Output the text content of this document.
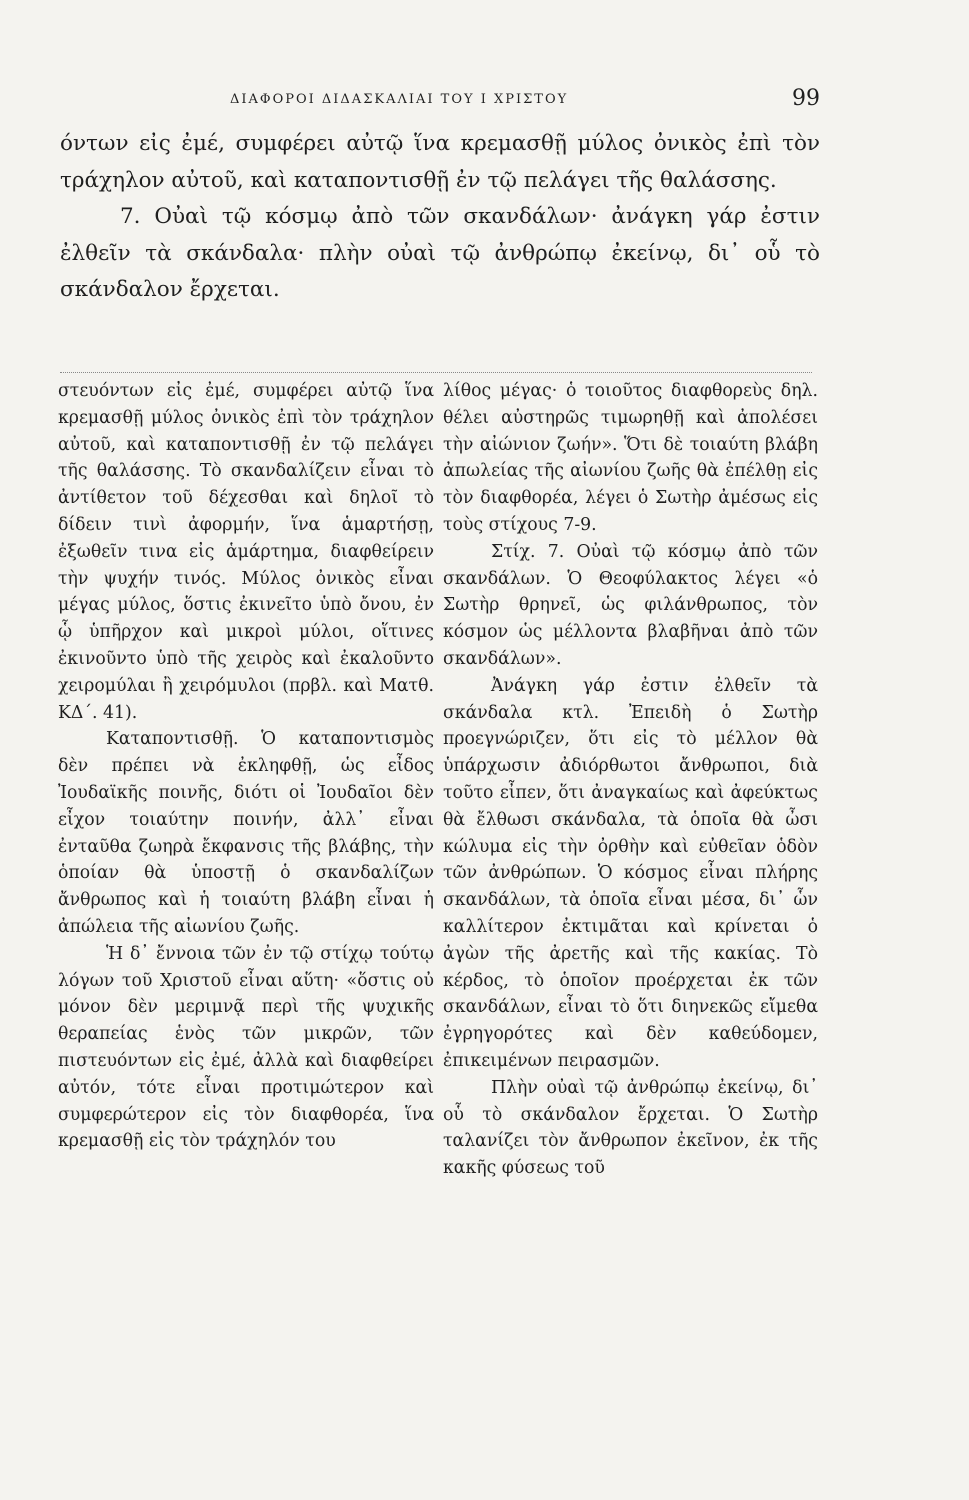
ΔΙΑΦΟΡΟΙ ΔΙΔΑΣΚΑΛΙΑΙ ΤΟΥ Ι ΧΡΙΣΤΟΥ	99

όντων εἰς ἐμέ, συμφέρει αὐτῷ ἵνα κρεμασθῇ μύλος ὀνικὸς ἐπὶ τὸν τράχηλον αὐτοῦ, καὶ καταποντισθῇ ἐν τῷ πελάγει τῆς θαλάσσης.

7. Οὐαὶ τῷ κόσμῳ ἀπὸ τῶν σκανδάλων· ἀνάγκη γάρ ἐστιν ἐλθεῖν τὰ σκάνδαλα· πλὴν οὐαὶ τῷ ἀνθρώπῳ ἐκείνῳ, δι᾽ οὗ τὸ σκάνδαλον ἔρχεται.

στευόντων εἰς ἐμέ, συμφέρει αὐτῷ ἵνα κρεμασθῇ μύλος ὀνικὸς ἐπὶ τὸν τράχηλον αὐτοῦ, καὶ καταποντισθῇ ἐν τῷ πελάγει τῆς θαλάσσης. Τὸ σκανδαλίζειν εἶναι τὸ ἀντίθετον τοῦ δέχεσθαι καὶ δηλοῖ τὸ δίδειν τινὶ ἀφορμήν, ἵνα ἁμαρτήσῃ, ἐξωθεῖν τινα εἰς ἁμάρτημα, διαφθείρειν τὴν ψυχήν τινός. Μύλος ὀνικὸς εἶναι μέγας μύλος, ὅστις ἐκινεῖτο ὑπὸ ὄνου, ἐν ᾧ ὑπῆρχον καὶ μικροὶ μύλοι, οἵτινες ἐκινοῦντο ὑπὸ τῆς χειρὸς καὶ ἐκαλοῦντο χειρομύλαι ἢ χειρόμυλοι (πρβλ. καὶ Ματθ. ΚΔ΄. 41).

Καταποντισθῇ. Ὁ καταποντισμὸς δὲν πρέπει νὰ ἐκληφθῇ, ὡς εἶδος Ἰουδαϊκῆς ποινῆς, διότι οἱ Ἰουδαῖοι δὲν εἶχον τοιαύτην ποινήν, ἀλλ᾽ εἶναι ἐνταῦθα ζωηρὰ ἔκφανσις τῆς βλάβης, τὴν ὁποίαν θὰ ὑποστῇ ὁ σκανδαλίζων ἄνθρωπος καὶ ἡ τοιαύτη βλάβη εἶναι ἡ ἀπώλεια τῆς αἰωνίου ζωῆς.

Ἡ δ᾽ ἔννοια τῶν ἐν τῷ στίχῳ τούτῳ λόγων τοῦ Χριστοῦ εἶναι αὕτη· «ὅστις οὐ μόνον δὲν μεριμνᾷ περὶ τῆς ψυχικῆς θεραπείας ἑνὸς τῶν μικρῶν, τῶν πιστευόντων εἰς ἐμέ, ἀλλὰ καὶ διαφθείρει αὐτόν, τότε εἶναι προτιμώτερον καὶ συμφερώτερον εἰς τὸν διαφθορέα, ἵνα κρεμασθῇ εἰς τὸν τράχηλόν του

λίθος μέγας· ὁ τοιοῦτος διαφθορεὺς δηλ. θέλει αὐστηρῶς τιμωρηθῇ καὶ ἀπολέσει τὴν αἰώνιον ζωήν». Ὅτι δὲ τοιαύτη βλάβη ἀπωλείας τῆς αἰωνίου ζωῆς θὰ ἐπέλθῃ εἰς τὸν διαφθορέα, λέγει ὁ Σωτὴρ ἀμέσως εἰς τοὺς στίχους 7-9.

Στίχ. 7. Οὐαὶ τῷ κόσμῳ ἀπὸ τῶν σκανδάλων. Ὁ Θεοφύλακτος λέγει «ὁ Σωτὴρ θρηνεῖ, ὡς φιλάνθρωπος, τὸν κόσμον ὡς μέλλοντα βλαβῆναι ἀπὸ τῶν σκανδάλων».

Ἀνάγκη γάρ ἐστιν ἐλθεῖν τὰ σκάνδαλα κτλ. Ἐπειδὴ ὁ Σωτὴρ προεγνώριζεν, ὅτι εἰς τὸ μέλλον θὰ ὑπάρχωσιν ἀδιόρθωτοι ἄνθρωποι, διὰ τοῦτο εἶπεν, ὅτι ἀναγκαίως καὶ ἀφεύκτως θὰ ἔλθωσι σκάνδαλα, τὰ ὁποῖα θὰ ὦσι κώλυμα εἰς τὴν ὀρθὴν καὶ εὐθεῖαν ὁδὸν τῶν ἀνθρώπων. Ὁ κόσμος εἶναι πλήρης σκανδάλων, τὰ ὁποῖα εἶναι μέσα, δι᾽ ὧν καλλίτερον ἐκτιμᾶται καὶ κρίνεται ὁ ἀγὼν τῆς ἀρετῆς καὶ τῆς κακίας. Τὸ κέρδος, τὸ ὁποῖον προέρχεται ἐκ τῶν σκανδάλων, εἶναι τὸ ὅτι διηνεκῶς εἴμεθα ἐγρηγορότες καὶ δὲν καθεύδομεν, ἐπικειμένων πειρασμῶν.

Πλὴν οὐαὶ τῷ ἀνθρώπῳ ἐκείνῳ, δι᾽ οὗ τὸ σκάνδαλον ἔρχεται. Ὁ Σωτὴρ ταλανίζει τὸν ἄνθρωπον ἐκεῖνον, ἐκ τῆς κακῆς φύσεως τοῦ
